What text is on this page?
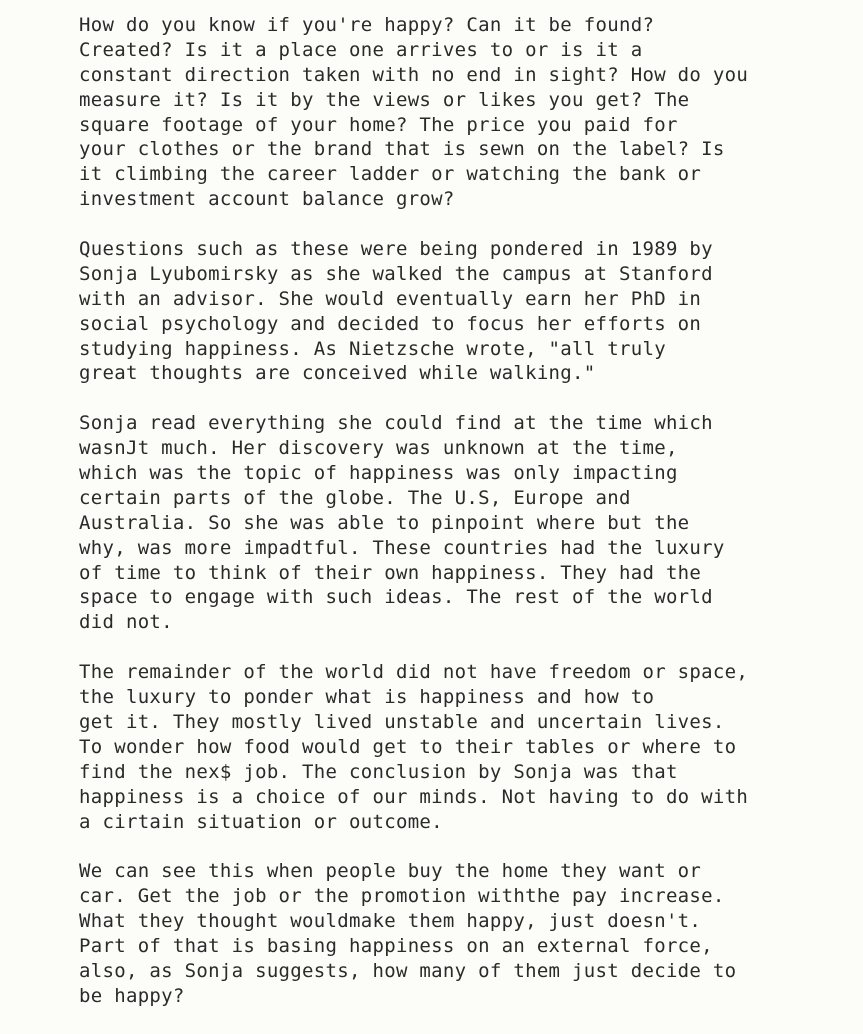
How do you know if you're happy? Can it be found?
Created? Is it a place one arrives to or is it a
constant direction taken with no end in sight? How do you
measure it? Is it by the views or likes you get? The
square footage of your home? The price you paid for
your clothes or the brand that is sewn on the label? Is
it climbing the career ladder or watching the bank or
investment account balance grow?
Questions such as these were being pondered in 1989 by
Sonja Lyubomirsky as she walked the campus at Stanford
with an advisor. She would eventually earn her PhD in
social psychology and decided to focus her efforts on
studying happiness. As Nietzsche wrote, "all truly
great thoughts are conceived while walking."
Sonja read everything she could find at the time which
wasnJt much. Her discovery was unknown at the time,
which was the topic of happiness was only impacting
certain parts of the globe. The U.S, Europe and
Australia. So she was able to pinpoint where but the
why, was more impadtful. These countries had the luxury
of time to think of their own happiness. They had the
space to engage with such ideas. The rest of the world
did not.
The remainder of the world did not have freedom or space,
the luxury to ponder what is happiness and how to
get it. They mostly lived unstable and uncertain lives.
To wonder how food would get to their tables or where to
find the nex$ job. The conclusion by Sonja was that
happiness is a choice of our minds. Not having to do with
a cirtain situation or outcome.
We can see this when people buy the home they want or
car. Get the job or the promotion withthe pay increase.
What they thought wouldmake them happy, just doesn't.
Part of that is basing happiness on an external force,
also, as Sonja suggests, how many of them just decide to
be happy?
